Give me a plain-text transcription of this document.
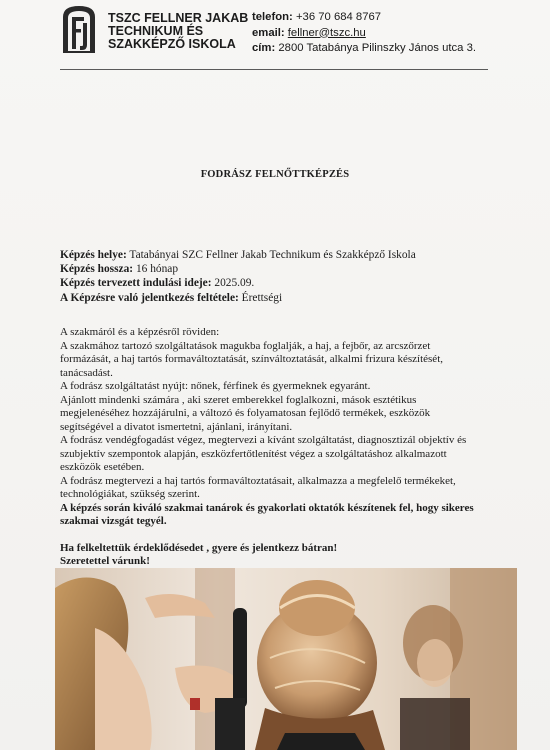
TSZC FELLNER JAKAB
TECHNIKUM ÉS
SZAKKÉPZŐ ISKOLA
telefon: +36 70 684 8767
email: fellner@tszc.hu
cím: 2800 Tatabánya Pilinszky János utca 3.
FODRÁSZ FELNŐTTKÉPZÉS
Képzés helye: Tatabányai SZC Fellner Jakab Technikum és Szakképző Iskola
Képzés hossza: 16 hónap
Képzés tervezett indulási ideje: 2025.09.
A Képzésre való jelentkezés feltétele: Érettségi

A szakmáról és a képzésről röviden:

A szakmához tartozó szolgáltatások magukba foglalják, a haj, a fejbőr, az arcszőrzet

formázását, a haj tartós formaváltoztatását, színváltoztatását, alkalmi frizura készítését,

tanácsadást.

A fodrász szolgáltatást nyújt: nőnek, férfinek és gyermeknek egyaránt.

Ajánlott mindenki számára , aki szeret emberekkel foglalkozni, mások esztétikus

megjelenéséhez hozzájárulni, a változó és folyamatosan fejlődő termékek, eszközök

segítségével a divatot ismertetni, ajánlani, irányítani.

A fodrász vendégfogadást végez, megtervezi a kívánt szolgáltatást, diagnosztizál objektív és

szubjektív szempontok alapján, eszközfertőtlenítést végez a szolgáltatáshoz alkalmazott

eszközök esetében.

A fodrász megtervezi a haj tartós formaváltoztatásait, alkalmazza a megfelelő termékeket,

technológiákat, szükség szerint.

A képzés során kiváló szakmai tanárok és gyakorlati oktatók készítenek fel, hogy sikeres

szakmai vizsgát tegyél.

Ha felkeltettük érdeklődésedet , gyere és jelentkezz bátran!

Szeretettel várunk!
